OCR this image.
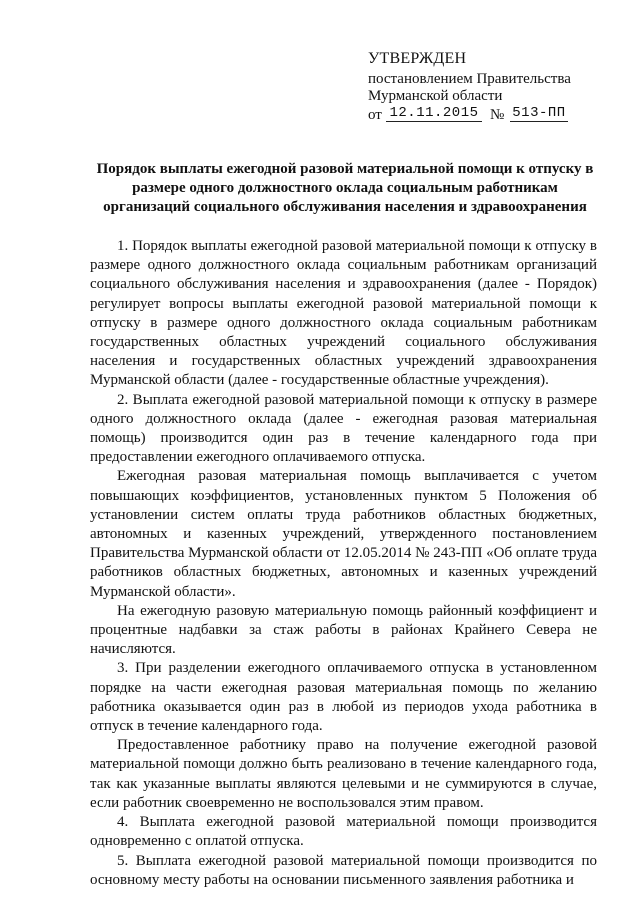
УТВЕРЖДЕН
постановлением Правительства
Мурманской области
от 12.11.2015 № 513-ПП
Порядок выплаты ежегодной разовой материальной помощи к отпуску в размере одного должностного оклада социальным работникам организаций социального обслуживания населения и здравоохранения

1. Порядок выплаты ежегодной разовой материальной помощи к отпуску в размере одного должностного оклада социальным работникам организаций социального обслуживания населения и здравоохранения (далее - Порядок) регулирует вопросы выплаты ежегодной разовой материальной помощи к отпуску в размере одного должностного оклада социальным работникам государственных областных учреждений социального обслуживания населения и государственных областных учреждений здравоохранения Мурманской области (далее - государственные областные учреждения).

2. Выплата ежегодной разовой материальной помощи к отпуску в размере одного должностного оклада (далее - ежегодная разовая материальная помощь) производится один раз в течение календарного года при предоставлении ежегодного оплачиваемого отпуска.

Ежегодная разовая материальная помощь выплачивается с учетом повышающих коэффициентов, установленных пунктом 5 Положения об установлении систем оплаты труда работников областных бюджетных, автономных и казенных учреждений, утвержденного постановлением Правительства Мурманской области от 12.05.2014 № 243-ПП «Об оплате труда работников областных бюджетных, автономных и казенных учреждений Мурманской области».

На ежегодную разовую материальную помощь районный коэффициент и процентные надбавки за стаж работы в районах Крайнего Севера не начисляются.

3. При разделении ежегодного оплачиваемого отпуска в установленном порядке на части ежегодная разовая материальная помощь по желанию работника оказывается один раз в любой из периодов ухода работника в отпуск в течение календарного года.

Предоставленное работнику право на получение ежегодной разовой материальной помощи должно быть реализовано в течение календарного года, так как указанные выплаты являются целевыми и не суммируются в случае, если работник своевременно не воспользовался этим правом.

4. Выплата ежегодной разовой материальной помощи производится одновременно с оплатой отпуска.

5. Выплата ежегодной разовой материальной помощи производится по основному месту работы на основании письменного заявления работника и
